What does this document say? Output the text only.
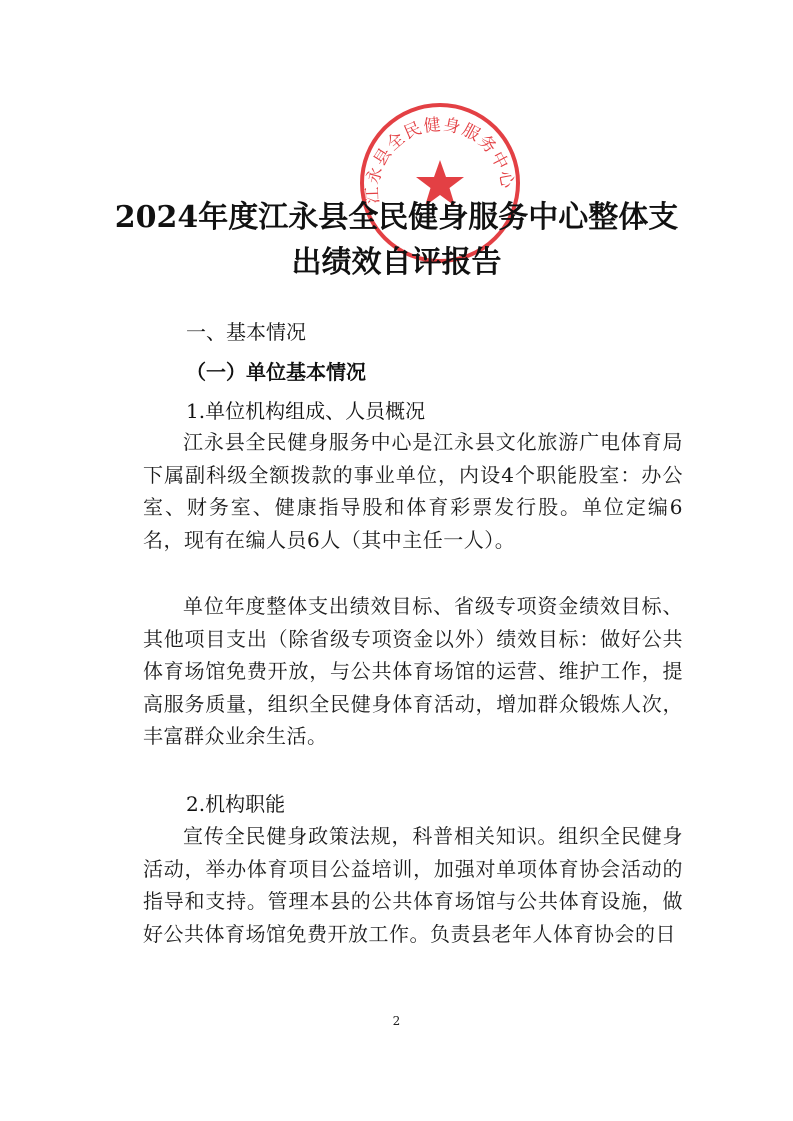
江永县全民健身服务中心
2024年度江永县全民健身服务中心整体支
出绩效自评报告
一、基本情况
（一）单位基本情况
1.单位机构组成、人员概况
江永县全民健身服务中心是江永县文化旅游广电体育局下属副科级全额拨款的事业单位，内设4个职能股室：办公室、财务室、健康指导股和体育彩票发行股。单位定编6名，现有在编人员6人（其中主任一人）。
单位年度整体支出绩效目标、省级专项资金绩效目标、其他项目支出（除省级专项资金以外）绩效目标：做好公共体育场馆免费开放，与公共体育场馆的运营、维护工作，提高服务质量，组织全民健身体育活动，增加群众锻炼人次，丰富群众业余生活。
2.机构职能
宣传全民健身政策法规，科普相关知识。组织全民健身活动，举办体育项目公益培训，加强对单项体育协会活动的指导和支持。管理本县的公共体育场馆与公共体育设施，做好公共体育场馆免费开放工作。负责县老年人体育协会的日
2
